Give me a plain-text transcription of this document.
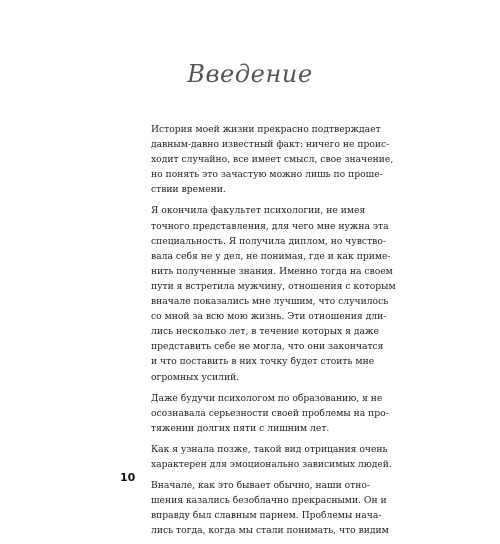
Введение

История моей жизни прекрасно подтверждает
давным-давно известный факт: ничего не проис-
ходит случайно, все имеет смысл, свое значение,
но понять это зачастую можно лишь по проше-
ствии времени.

Я окончила факультет психологии, не имея
точного представления, для чего мне нужна эта
специальность. Я получила диплом, но чувство-
вала себя не у дел, не понимая, где и как приме-
нить полученные знания. Именно тогда на своем
пути я встретила мужчину, отношения с которым
вначале показались мне лучшим, что случилось
со мной за всю мою жизнь. Эти отношения дли-
лись несколько лет, в течение которых я даже
представить себе не могла, что они закончатся
и что поставить в них точку будет стоить мне
огромных усилий.

Даже будучи психологом по образованию, я не
осознавала серьезности своей проблемы на про-
тяжении долгих пяти с лишним лет.

Как я узнала позже, такой вид отрицания очень
характерен для эмоционально зависимых людей.

Вначале, как это бывает обычно, наши отно-
шения казались безоблачно прекрасными. Он и
вправду был славным парнем. Проблемы нача-
лись тогда, когда мы стали понимать, что видим

10
